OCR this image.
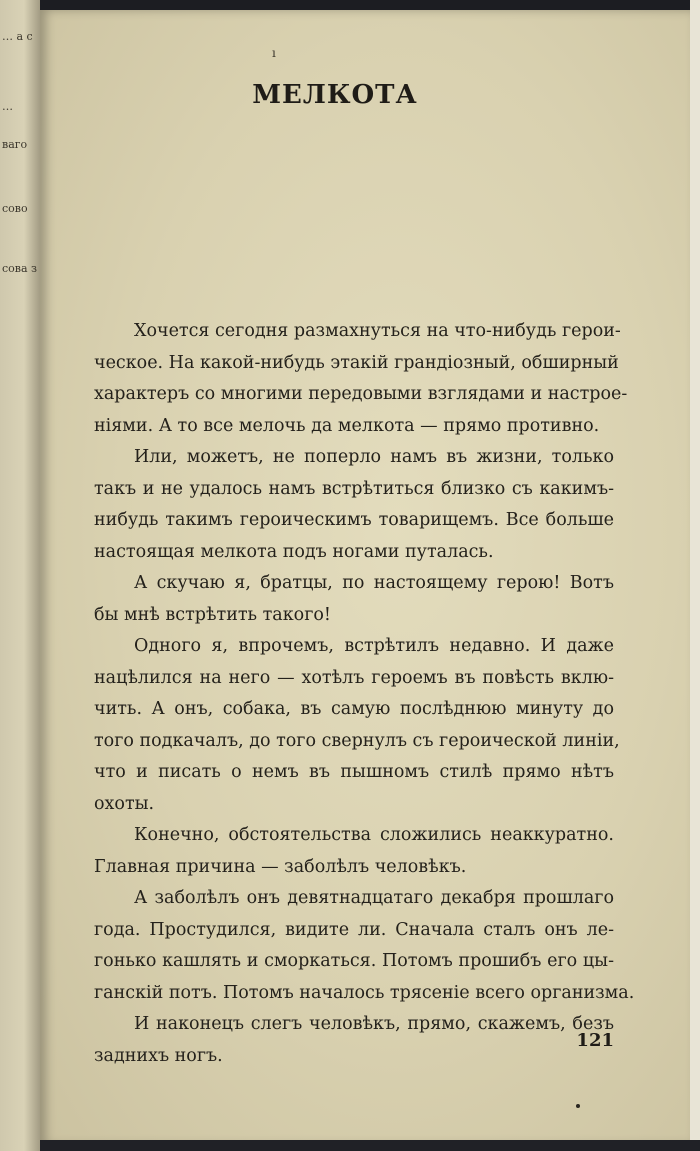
… а с
…
ваго
сово
сова з
ı
МЕЛКОТА
Хочется сегодня размахнуться на что-нибудь герои-
ческое. На какой-нибудь этакій грандіозный, обширный
характеръ со многими передовыми взглядами и настрое-
ніями. А то все мелочь да мелкота — прямо противно.
Или, можетъ, не поперло намъ въ жизни, только
такъ и не удалось намъ встрѣтиться близко съ какимъ-
нибудь такимъ героическимъ товарищемъ. Все больше
настоящая мелкота подъ ногами путалась.
А скучаю я, братцы, по настоящему герою! Вотъ
бы мнѣ встрѣтить такого!
Одного я, впрочемъ, встрѣтилъ недавно. И даже
нацѣлился на него — хотѣлъ героемъ въ повѣсть вклю-
чить. А онъ, собака, въ самую послѣднюю минуту до
того подкачалъ, до того свернулъ съ героической линіи,
что и писать о немъ въ пышномъ стилѣ прямо нѣтъ
охоты.
Конечно, обстоятельства сложились неаккуратно.
Главная причина — заболѣлъ человѣкъ.
А заболѣлъ онъ девятнадцатаго декабря прошлаго
года. Простудился, видите ли. Сначала сталъ онъ ле-
гонько кашлять и сморкаться. Потомъ прошибъ его цы-
ганскій потъ. Потомъ началось трясеніе всего организма.
И наконецъ слегъ человѣкъ, прямо, скажемъ, безъ
заднихъ ногъ.
121
